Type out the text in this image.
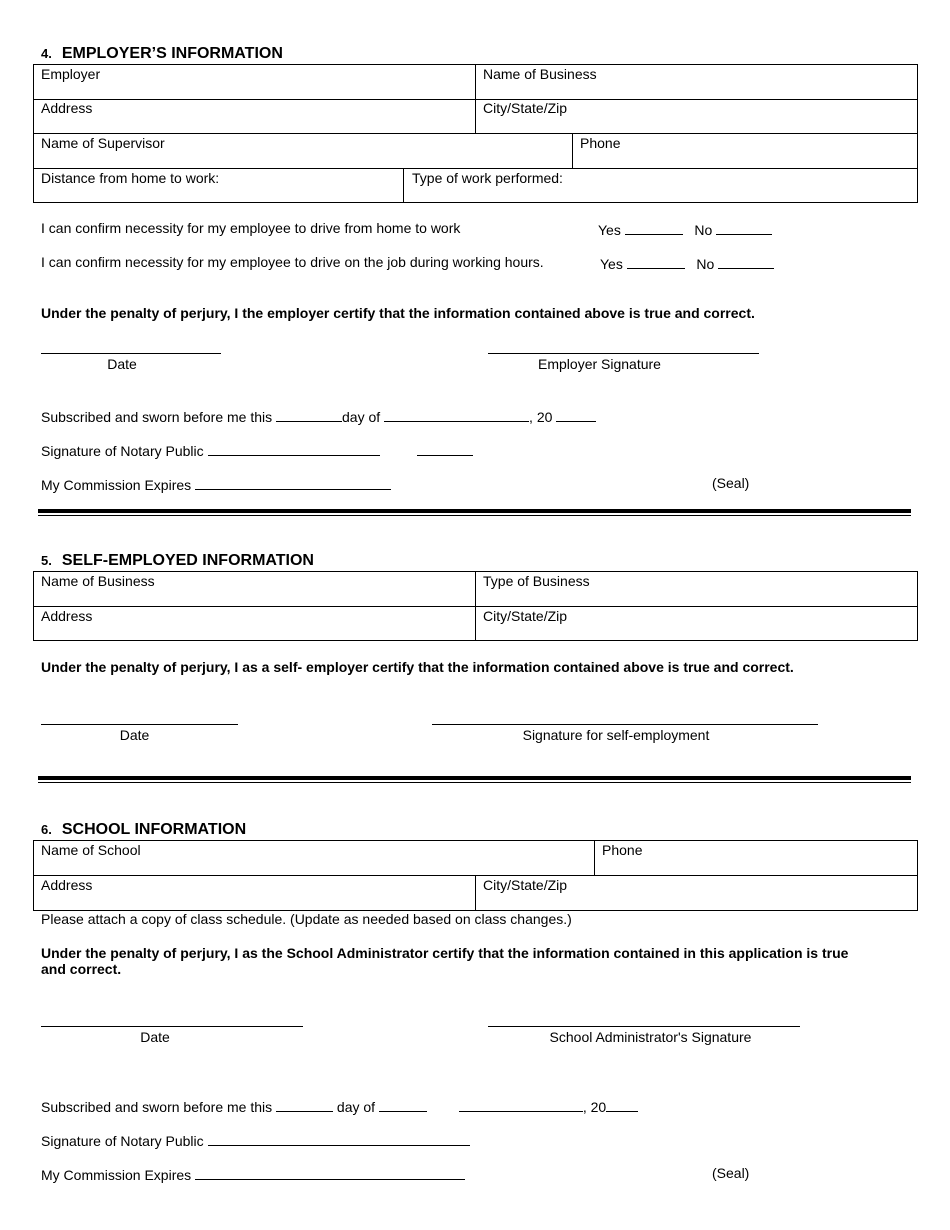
4. EMPLOYER’S INFORMATION
Employer	Name of Business
Address	City/State/Zip
Name of Supervisor	Phone
Distance from home to work:	Type of work performed:
I can confirm necessity for my employee to drive from home to work	Yes	No
I can confirm necessity for my employee to drive on the job during working hours.	Yes	No
Under the penalty of perjury, I the employer certify that the information contained above is true and correct.
Date	Employer Signature
Subscribed and sworn before me this	day of	, 20
Signature of Notary Public
My Commission Expires	(Seal)
5. SELF-EMPLOYED INFORMATION
Name of Business	Type of Business
Address	City/State/Zip
Under the penalty of perjury, I as a self- employer certify that the information contained above is true and correct.
Date	Signature for self-employment
6. SCHOOL INFORMATION
Name of School	Phone
Address	City/State/Zip
Please attach a copy of class schedule. (Update as needed based on class changes.)
Under the penalty of perjury, I as the School Administrator certify that the information contained in this application is true
and correct.
Date	School Administrator's Signature
Subscribed and sworn before me this	day of	, 20
Signature of Notary Public
My Commission Expires	(Seal)
